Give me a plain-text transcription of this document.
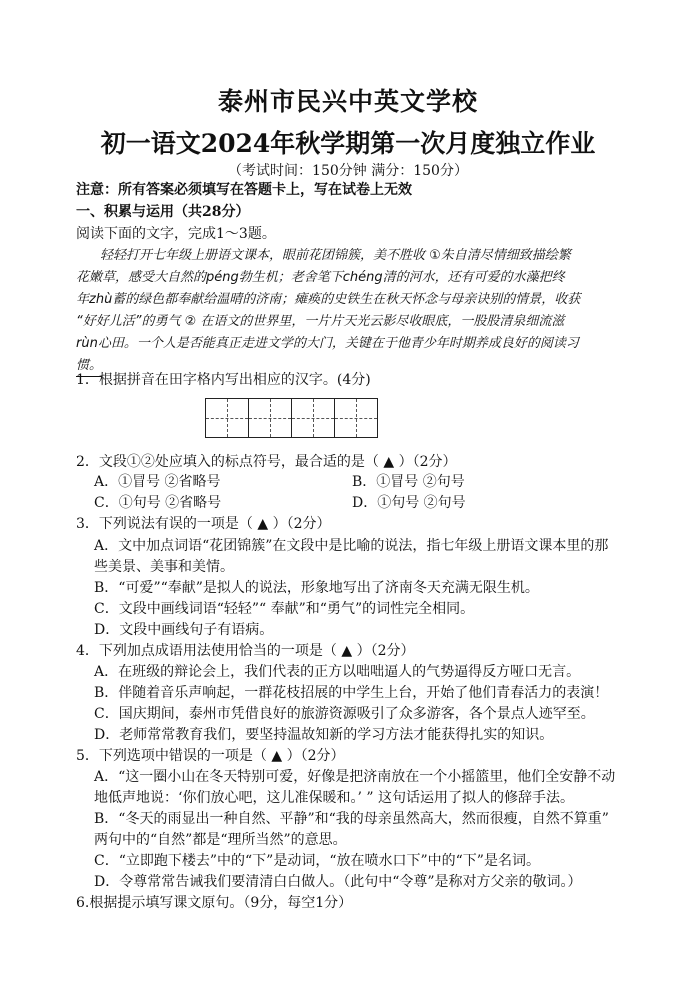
泰州市民兴中英文学校
初一语文2024年秋学期第一次月度独立作业
（考试时间：150分钟 满分：150分）
注意：所有答案必须填写在答题卡上，写在试卷上无效
一、积累与运用（共28分）
阅读下面的文字，完成1～3题。
轻轻打开七年级上册语文课本，眼前花团锦簇，美不胜收 ①朱自清尽情细致描绘繁
花嫩草，感受大自然的péng勃生机；老舍笔下chéng清的河水，还有可爱的水藻把终
年zhù蓄的绿色都奉献给温晴的济南；瘫痪的史铁生在秋天怀念与母亲诀别的情景，收获
“好好儿活”的勇气 ② 在语文的世界里，一片片天光云影尽收眼底，一股股清泉细流滋
rùn心田。一个人是否能真正走进文学的大门，关键在于他青少年时期养成良好的阅读习
惯。
1．根据拼音在田字格内写出相应的汉字。(4分)
2．文段①②处应填入的标点符号，最合适的是（ ▲ ）（2分）
A．①冒号 ②省略号	B．①冒号 ②句号
C．①句号 ②省略号	D．①句号 ②句号
3．下列说法有误的一项是（ ▲ ）（2分）
A．文中加点词语“花团锦簇”在文段中是比喻的说法，指七年级上册语文课本里的那
些美景、美事和美情。
B．“可爱”“奉献”是拟人的说法，形象地写出了济南冬天充满无限生机。
C．文段中画线词语“轻轻”“ 奉献”和“勇气”的词性完全相同。
D．文段中画线句子有语病。
4．下列加点成语用法使用恰当的一项是（ ▲ ）（2分）
A．在班级的辩论会上，我们代表的正方以咄咄逼人的气势逼得反方哑口无言。
B．伴随着音乐声响起，一群花枝招展的中学生上台，开始了他们青春活力的表演！
C．国庆期间，泰州市凭借良好的旅游资源吸引了众多游客，各个景点人迹罕至。
D．老师常常教育我们，要坚持温故知新的学习方法才能获得扎实的知识。
5．下列选项中错误的一项是（ ▲ ）（2分）
A．“这一圈小山在冬天特别可爱，好像是把济南放在一个小摇篮里，他们全安静不动
地低声地说：‘你们放心吧，这儿准保暖和。’ ” 这句话运用了拟人的修辞手法。
B．“冬天的雨显出一种自然、平静”和“我的母亲虽然高大，然而很瘦，自然不算重”
两句中的“自然”都是“理所当然”的意思。
C．“立即跑下楼去”中的“下”是动词，“放在喷水口下”中的“下”是名词。
D．令尊常常告诫我们要清清白白做人。（此句中“令尊”是称对方父亲的敬词。）
6.根据提示填写课文原句。（9分，每空1分）
